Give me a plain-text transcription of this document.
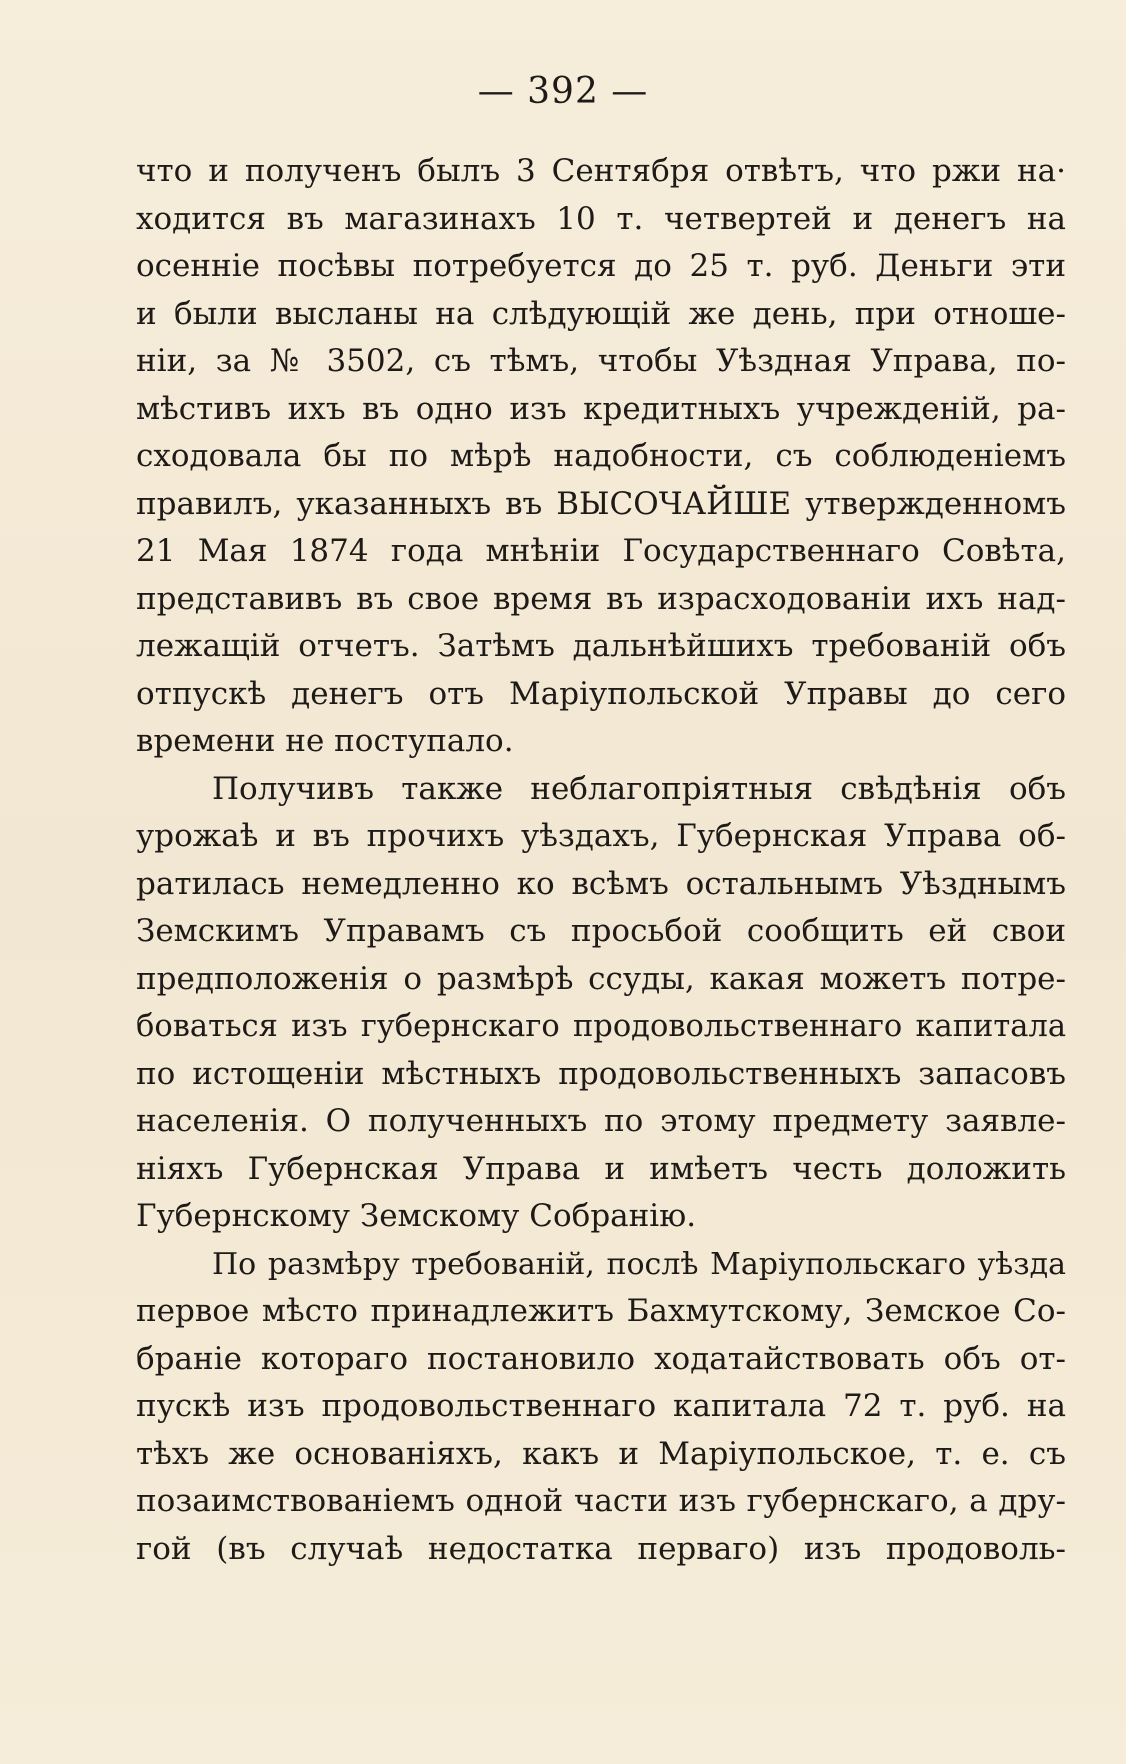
— 392 —
что и полученъ былъ 3 Сентября отвѣтъ, что ржи на·
ходится въ магазинахъ 10 т. четвертей и денегъ на
осенніе посѣвы потребуется до 25 т. руб. Деньги эти
и были высланы на слѣдующій же день, при отноше-
ніи, за № 3502, съ тѣмъ, чтобы Уѣздная Управа, по-
мѣстивъ ихъ въ одно изъ кредитныхъ учрежденій, ра-
сходовала бы по мѣрѣ надобности, съ соблюденіемъ
правилъ, указанныхъ въ ВЫСОЧАЙШЕ утвержденномъ
21 Мая 1874 года мнѣніи Государственнаго Совѣта,
представивъ въ свое время въ израсходованіи ихъ над-
лежащій отчетъ. Затѣмъ дальнѣйшихъ требованій объ
отпускѣ денегъ отъ Маріупольской Управы до сего
времени не поступало.
Получивъ также неблагопріятныя свѣдѣнія объ
урожаѣ и въ прочихъ уѣздахъ, Губернская Управа об-
ратилась немедленно ко всѣмъ остальнымъ Уѣзднымъ
Земскимъ Управамъ съ просьбой сообщить ей свои
предположенія о размѣрѣ ссуды, какая можетъ потре-
боваться изъ губернскаго продовольственнаго капитала
по истощеніи мѣстныхъ продовольственныхъ запасовъ
населенія. О полученныхъ по этому предмету заявле-
ніяхъ Губернская Управа и имѣетъ честь доложить
Губернскому Земскому Собранію.
По размѣру требованій, послѣ Маріупольскаго уѣзда
первое мѣсто принадлежитъ Бахмутскому, Земское Со-
браніе котораго постановило ходатайствовать объ от-
пускѣ изъ продовольственнаго капитала 72 т. руб. на
тѣхъ же основаніяхъ, какъ и Маріупольское, т. е. съ
позаимствованіемъ одной части изъ губернскаго, а дру-
гой (въ случаѣ недостатка перваго) изъ продоволь-
